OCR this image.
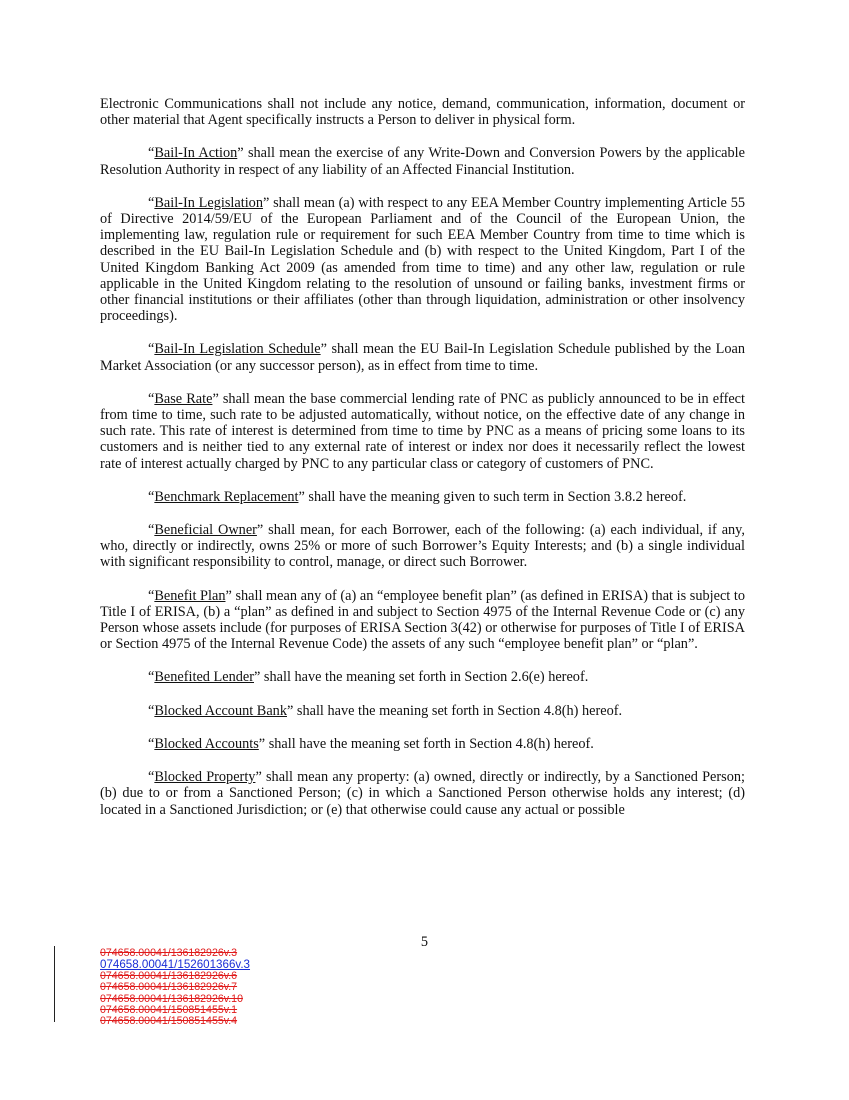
Electronic Communications shall not include any notice, demand, communication, information, document or other material that Agent specifically instructs a Person to deliver in physical form.

“Bail-In Action” shall mean the exercise of any Write-Down and Conversion Powers by the applicable Resolution Authority in respect of any liability of an Affected Financial Institution.

“Bail-In Legislation” shall mean (a) with respect to any EEA Member Country implementing Article 55 of Directive 2014/59/EU of the European Parliament and of the Council of the European Union, the implementing law, regulation rule or requirement for such EEA Member Country from time to time which is described in the EU Bail-In Legislation Schedule and (b) with respect to the United Kingdom, Part I of the United Kingdom Banking Act 2009 (as amended from time to time) and any other law, regulation or rule applicable in the United Kingdom relating to the resolution of unsound or failing banks, investment firms or other financial institutions or their affiliates (other than through liquidation, administration or other insolvency proceedings).

“Bail-In Legislation Schedule” shall mean the EU Bail-In Legislation Schedule published by the Loan Market Association (or any successor person), as in effect from time to time.

“Base Rate” shall mean the base commercial lending rate of PNC as publicly announced to be in effect from time to time, such rate to be adjusted automatically, without notice, on the effective date of any change in such rate. This rate of interest is determined from time to time by PNC as a means of pricing some loans to its customers and is neither tied to any external rate of interest or index nor does it necessarily reflect the lowest rate of interest actually charged by PNC to any particular class or category of customers of PNC.

“Benchmark Replacement” shall have the meaning given to such term in Section 3.8.2 hereof.

“Beneficial Owner” shall mean, for each Borrower, each of the following: (a) each individual, if any, who, directly or indirectly, owns 25% or more of such Borrower’s Equity Interests; and (b) a single individual with significant responsibility to control, manage, or direct such Borrower.

“Benefit Plan” shall mean any of (a) an “employee benefit plan” (as defined in ERISA) that is subject to Title I of ERISA, (b) a “plan” as defined in and subject to Section 4975 of the Internal Revenue Code or (c) any Person whose assets include (for purposes of ERISA Section 3(42) or otherwise for purposes of Title I of ERISA or Section 4975 of the Internal Revenue Code) the assets of any such “employee benefit plan” or “plan”.

“Benefited Lender” shall have the meaning set forth in Section 2.6(e) hereof.

“Blocked Account Bank” shall have the meaning set forth in Section 4.8(h) hereof.

“Blocked Accounts” shall have the meaning set forth in Section 4.8(h) hereof.

“Blocked Property” shall mean any property: (a) owned, directly or indirectly, by a Sanctioned Person; (b) due to or from a Sanctioned Person; (c) in which a Sanctioned Person otherwise holds any interest; (d) located in a Sanctioned Jurisdiction; or (e) that otherwise could cause any actual or possible

5
074658.00041/136182926v.3
074658.00041/152601366v.3
074658.00041/136182926v.6
074658.00041/136182926v.7
074658.00041/136182926v.10
074658.00041/150851455v.1
074658.00041/150851455v.4
